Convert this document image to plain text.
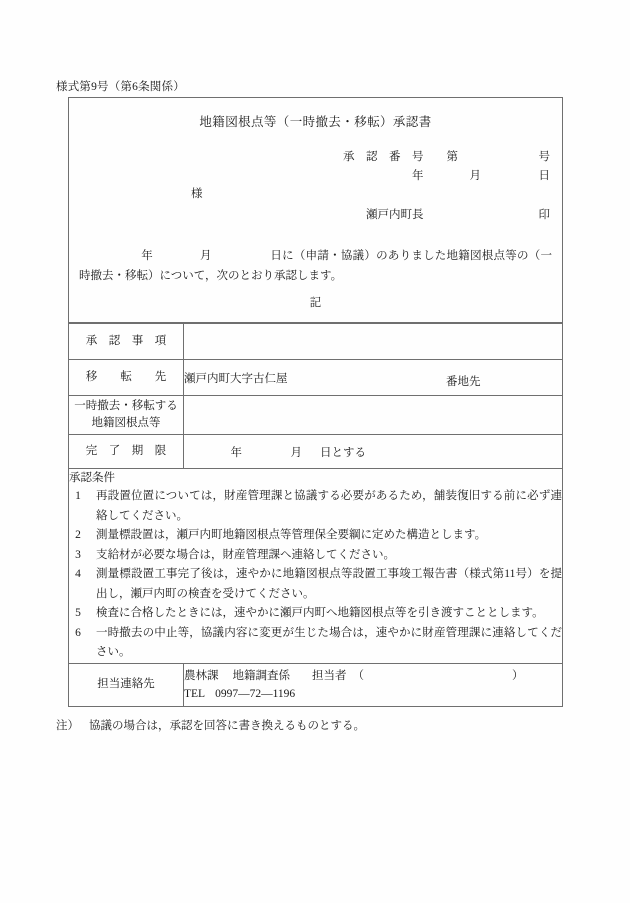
様式第9号（第6条関係）
地籍図根点等（一時撤去・移転）承認書
承　認　番　号　　第　　　　　　　号
年　　　　月　　　　　日
様
瀬戸内町長	印
年　　　　月　　　　　日に（申請・協議）のありました地籍図根点等の（一時撤去・移転）について，次のとおり承認します。
記
承　認　事　項	
移　　転　　先	瀬戸内町大字古仁屋 番地先

一時撤去・移転する
地籍図根点等	

完　了　期　限	年 月 日とする

承認条件
1	再設置位置については，財産管理課と協議する必要があるため，舗装復旧する前に必ず連絡してください。
2	測量標設置は，瀬戸内町地籍図根点等管理保全要綱に定めた構造とします。
3	支給材が必要な場合は，財産管理課へ連絡してください。
4	測量標設置工事完了後は，速やかに地籍図根点等設置工事竣工報告書（様式第11号）を提出し，瀬戸内町の検査を受けてください。
5	検査に合格したときには，速やかに瀬戸内町へ地籍図根点等を引き渡すこととします。
6	一時撤去の中止等，協議内容に変更が生じた場合は，速やかに財産管理課に連絡してください。

担当連絡先	農林課 地籍調査係 担当者 （ ）
TEL 0997—72—1196
注） 協議の場合は，承認を回答に書き換えるものとする。
